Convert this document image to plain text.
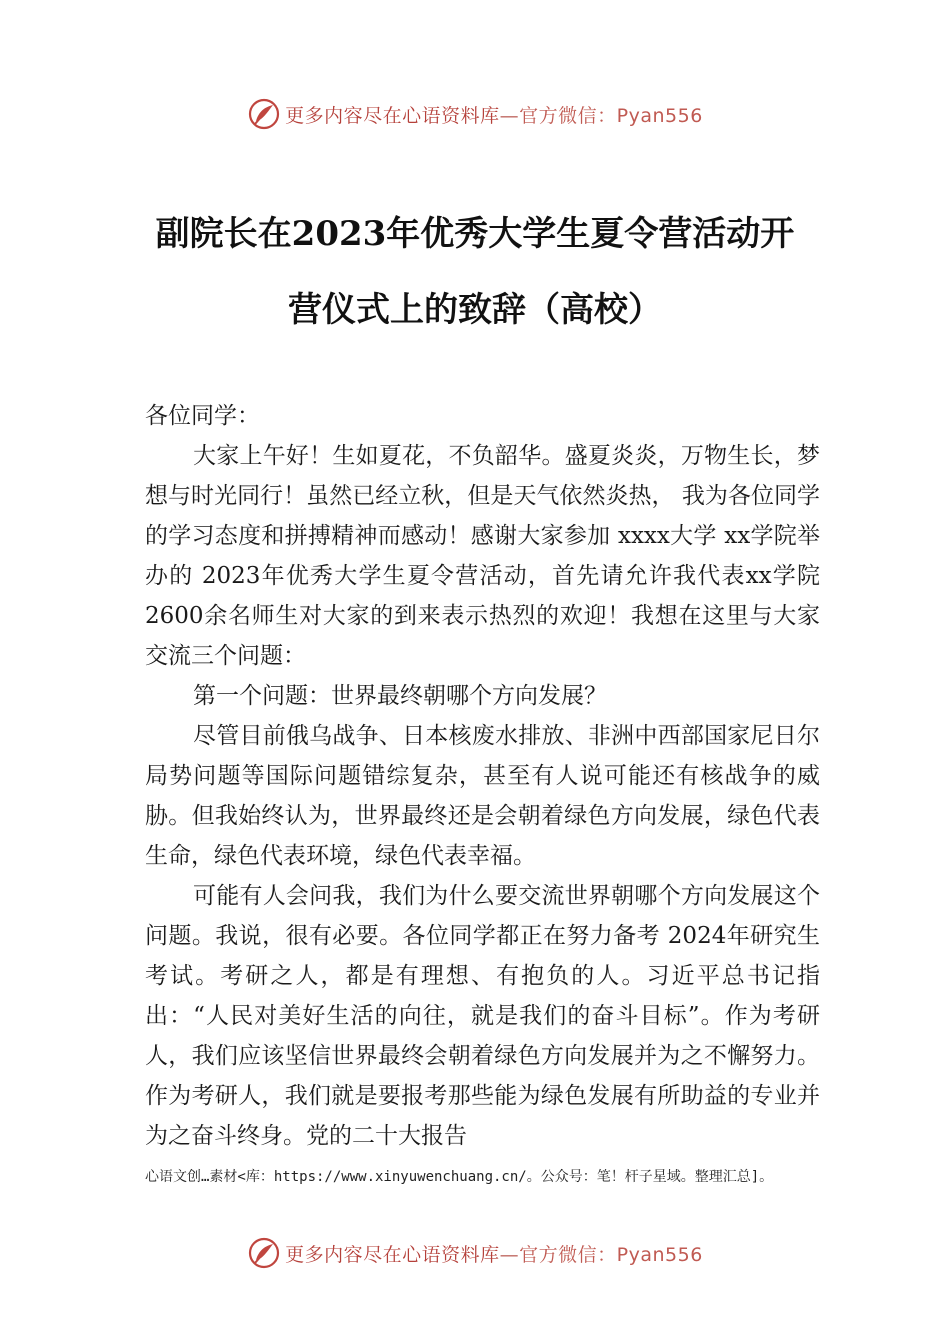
更多内容尽在心语资料库—官方微信：Pyan556
副院长在2023年优秀大学生夏令营活动开
营仪式上的致辞（高校）

各位同学：

大家上午好！生如夏花，不负韶华。盛夏炎炎，万物生长，梦想与时光同行！虽然已经立秋，但是天气依然炎热， 我为各位同学的学习态度和拼搏精神而感动！感谢大家参加 xxxx大学 xx学院举办的 2023年优秀大学生夏令营活动，首先请允许我代表xx学院 2600余名师生对大家的到来表示热烈的欢迎！我想在这里与大家交流三个问题：

第一个问题：世界最终朝哪个方向发展？

尽管目前俄乌战争、日本核废水排放、非洲中西部国家尼日尔局势问题等国际问题错综复杂，甚至有人说可能还有核战争的威胁。但我始终认为，世界最终还是会朝着绿色方向发展，绿色代表生命，绿色代表环境，绿色代表幸福。

可能有人会问我，我们为什么要交流世界朝哪个方向发展这个问题。我说，很有必要。各位同学都正在努力备考 2024年研究生考试。考研之人，都是有理想、有抱负的人。习近平总书记指出：“人民对美好生活的向往，就是我们的奋斗目标”。作为考研人，我们应该坚信世界最终会朝着绿色方向发展并为之不懈努力。作为考研人，我们就是要报考那些能为绿色发展有所助益的专业并为之奋斗终身。党的二十大报告

心语文创…素材<库：https://www.xinyuwenchuang.cn/。公众号：笔！杆子星域。整理汇总]。
更多内容尽在心语资料库—官方微信：Pyan556
